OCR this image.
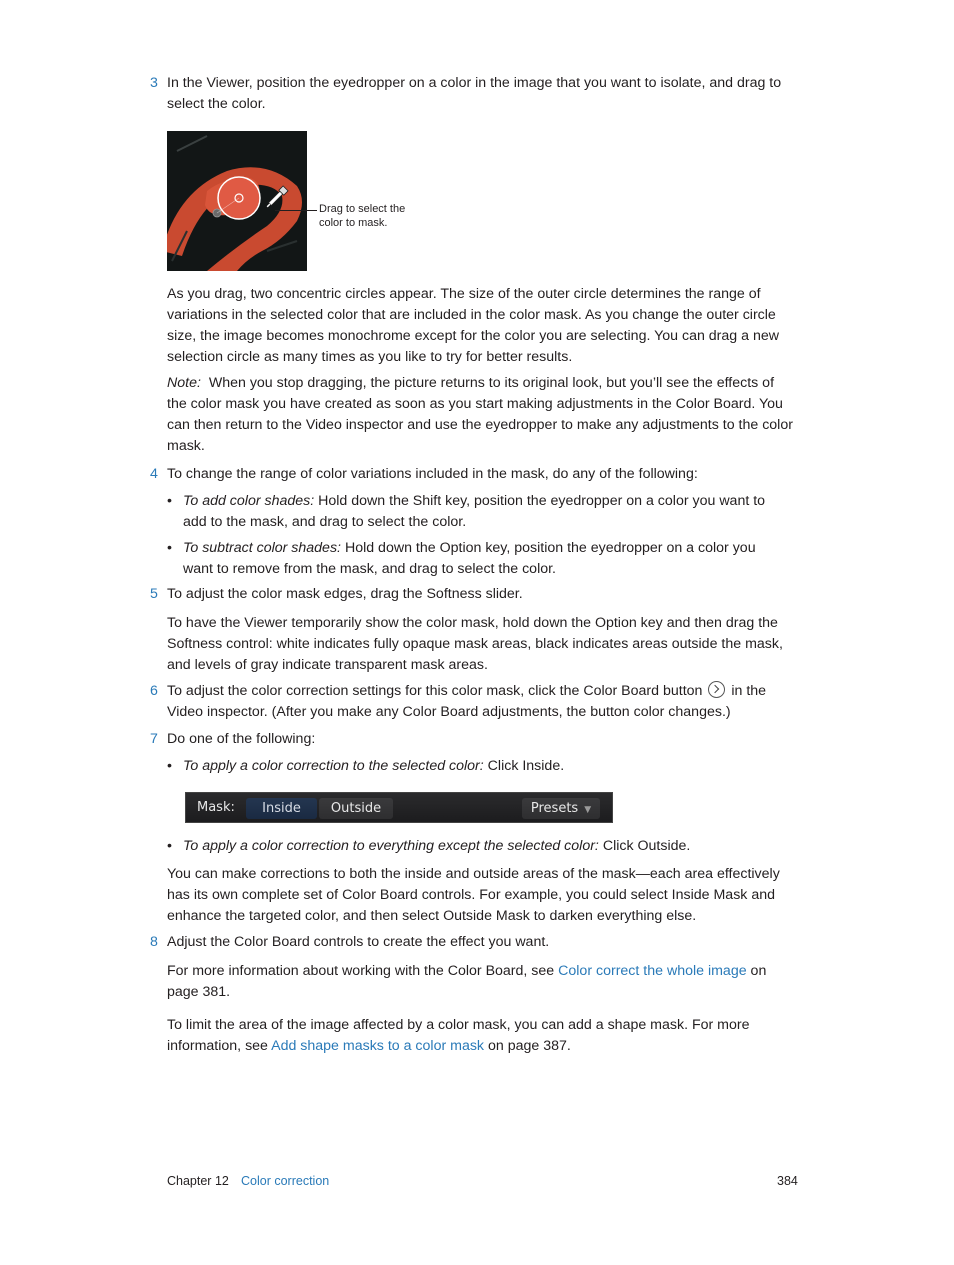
3 In the Viewer, position the eyedropper on a color in the image that you want to isolate, and drag to select the color.
Drag to select the color to mask.
As you drag, two concentric circles appear. The size of the outer circle determines the range of variations in the selected color that are included in the color mask. As you change the outer circle size, the image becomes monochrome except for the color you are selecting. You can drag a new selection circle as many times as you like to try for better results.
Note: When you stop dragging, the picture returns to its original look, but you’ll see the effects of the color mask you have created as soon as you start making adjustments in the Color Board. You can then return to the Video inspector and use the eyedropper to make any adjustments to the color mask.
4 To change the range of color variations included in the mask, do any of the following:
• To add color shades: Hold down the Shift key, position the eyedropper on a color you want to add to the mask, and drag to select the color.
• To subtract color shades: Hold down the Option key, position the eyedropper on a color you want to remove from the mask, and drag to select the color.
5 To adjust the color mask edges, drag the Softness slider.
To have the Viewer temporarily show the color mask, hold down the Option key and then drag the Softness control: white indicates fully opaque mask areas, black indicates areas outside the mask, and levels of gray indicate transparent mask areas.
6 To adjust the color correction settings for this color mask, click the Color Board button  in the Video inspector. (After you make any Color Board adjustments, the button color changes.)
7 Do one of the following:
• To apply a color correction to the selected color: Click Inside.
Mask:	Inside	Outside	Presets ▼
• To apply a color correction to everything except the selected color: Click Outside.
You can make corrections to both the inside and outside areas of the mask—each area effectively has its own complete set of Color Board controls. For example, you could select Inside Mask and enhance the targeted color, and then select Outside Mask to darken everything else.
8 Adjust the Color Board controls to create the effect you want.
For more information about working with the Color Board, see Color correct the whole image on page 381.
To limit the area of the image affected by a color mask, you can add a shape mask. For more information, see Add shape masks to a color mask on page 387.
Chapter 12 Color correction	384
